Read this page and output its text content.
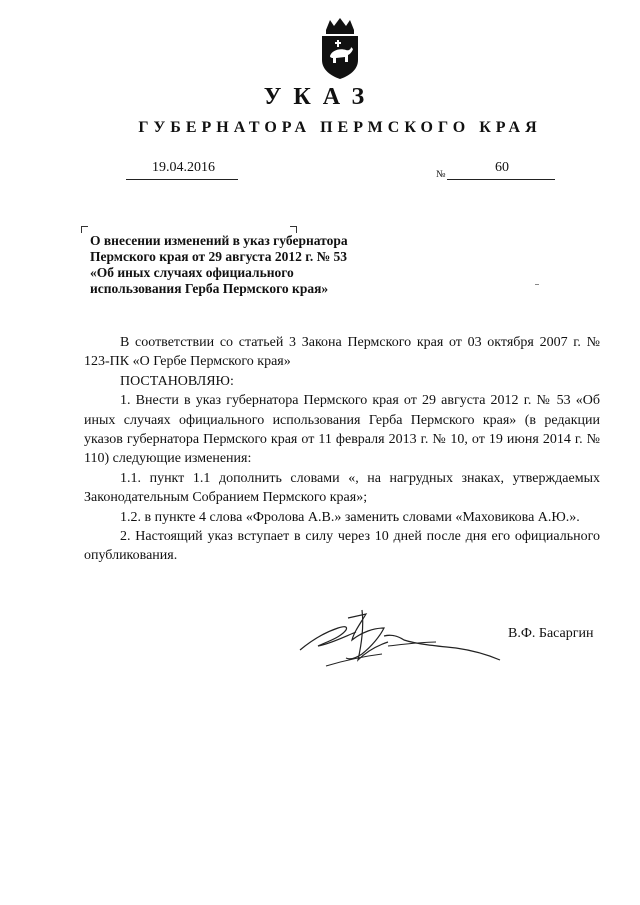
УКАЗ
ГУБЕРНАТОРА ПЕРМСКОГО КРАЯ
19.04.2016	№	60
О внесении изменений в указ губернатора
Пермского края от 29 августа 2012 г. № 53
«Об иных случаях официального
использования Герба Пермского края»

В соответствии со статьей 3 Закона Пермского края от 03 октября 2007 г. № 123-ПК «О Гербе Пермского края»

ПОСТАНОВЛЯЮ:

1. Внести в указ губернатора Пермского края от 29 августа 2012 г. № 53 «Об иных случаях официального использования Герба Пермского края» (в редакции указов губернатора Пермского края от 11 февраля 2013 г. № 10, от 19 июня 2014 г. № 110) следующие изменения:

1.1. пункт 1.1 дополнить словами «, на нагрудных знаках, утверждаемых Законодательным Собранием Пермского края»;

1.2. в пункте 4 слова «Фролова А.В.» заменить словами «Маховикова А.Ю.».

2. Настоящий указ вступает в силу через 10 дней после дня его официального опубликования.

В.Ф. Басаргин
